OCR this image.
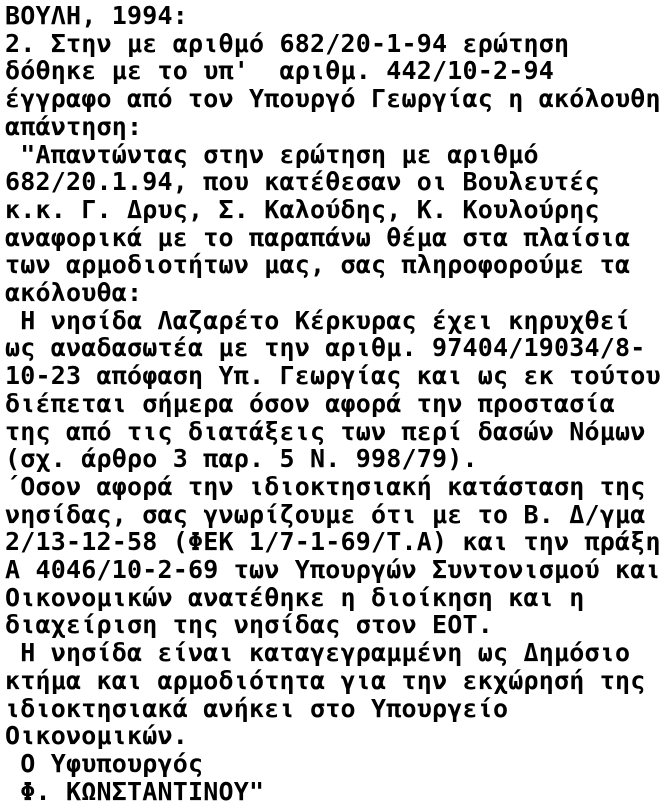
ΒΟΥΛΗ, 1994:
2. Στην με αριθμό 682/20-1-94 ερώτηση
δόθηκε με το υπ'  αριθμ. 442/10-2-94
έγγραφο από τον Υπουργό Γεωργίας η ακόλουθη
απάντηση:
"Απαντώντας στην ερώτηση με αριθμό
682/20.1.94, που κατέθεσαν οι Βουλευτές
κ.κ. Γ. Δρυς, Σ. Καλούδης, Κ. Κουλούρης
αναφορικά με το παραπάνω θέμα στα πλαίσια
των αρμοδιοτήτων μας, σας πληροφορούμε τα
ακόλουθα:
Η νησίδα Λαζαρέτο Κέρκυρας έχει κηρυχθεί
ως αναδασωτέα με την αριθμ. 97404/19034/8-
10-23 απόφαση Υπ. Γεωργίας και ως εκ τούτου
διέπεται σήμερα όσον αφορά την προστασία
της από τις διατάξεις των περί δασών Νόμων
(σχ. άρθρο 3 παρ. 5 Ν. 998/79).
΄Οσον αφορά την ιδιοκτησιακή κατάσταση της
νησίδας, σας γνωρίζουμε ότι με το Β. Δ/γμα
2/13-12-58 (ΦΕΚ 1/7-1-69/Τ.Α) και την πράξη
Α 4046/10-2-69 των Υπουργών Συντονισμού και
Οικονομικών ανατέθηκε η διοίκηση και η
διαχείριση της νησίδας στον ΕΟΤ.
Η νησίδα είναι καταγεγραμμένη ως Δημόσιο
κτήμα και αρμοδιότητα για την εκχώρησή της
ιδιοκτησιακά ανήκει στο Υπουργείο
Οικονομικών.
Ο Υφυπουργός
Φ. ΚΩΝΣΤΑΝΤΙΝΟΥ"
